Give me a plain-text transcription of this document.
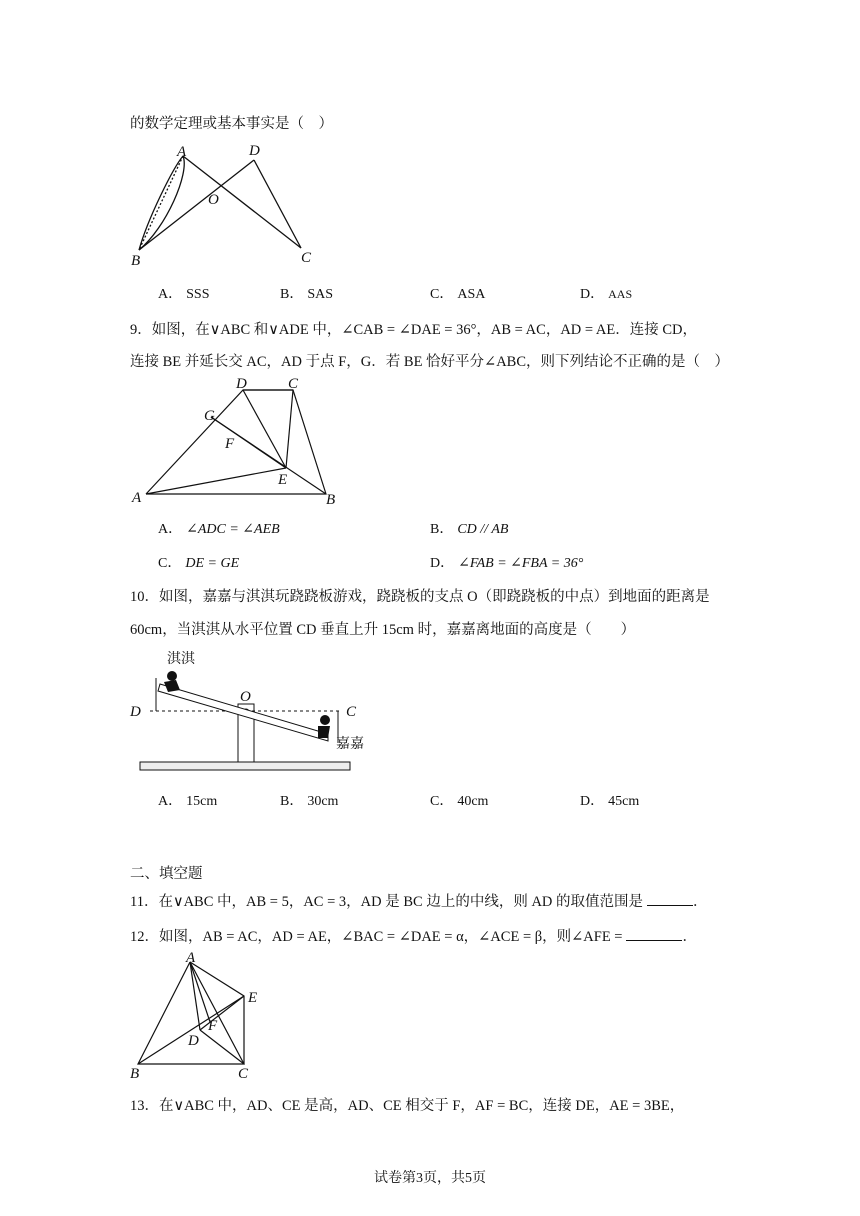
的数学定理或基本事实是（　）
A
B	C
D
O
A． SSS	B． SAS	C． ASA	D． AAS
9．如图，在∨ABC 和∨ADE 中，∠CAB = ∠DAE = 36°，AB = AC，AD = AE．连接 CD，
连接 BE 并延长交 AC，AD 于点 F，G．若 BE 恰好平分∠ABC，则下列结论不正确的是（　）
A	B
C
D
E
F
G
A． ∠ADC = ∠AEB	B． CD // AB
C． DE = GE	D． ∠FAB = ∠FBA = 36°
10．如图，嘉嘉与淇淇玩跷跷板游戏，跷跷板的支点 O（即跷跷板的中点）到地面的距离是
60cm，当淇淇从水平位置 CD 垂直上升 15cm 时，嘉嘉离地面的高度是（　　）
淇淇
嘉嘉
O
C
D
A． 15cm	B． 30cm	C． 40cm	D． 45cm
二、填空题
11．在∨ABC 中，AB = 5，AC = 3，AD 是 BC 边上的中线，则 AD 的取值范围是	．
12．如图，AB = AC，AD = AE，∠BAC = ∠DAE = α，∠ACE = β，则∠AFE =	．
A
B	C
D
E
F
13．在∨ABC 中，AD、CE 是高，AD、CE 相交于 F，AF = BC，连接 DE，AE = 3BE，
试卷第3页，共5页
